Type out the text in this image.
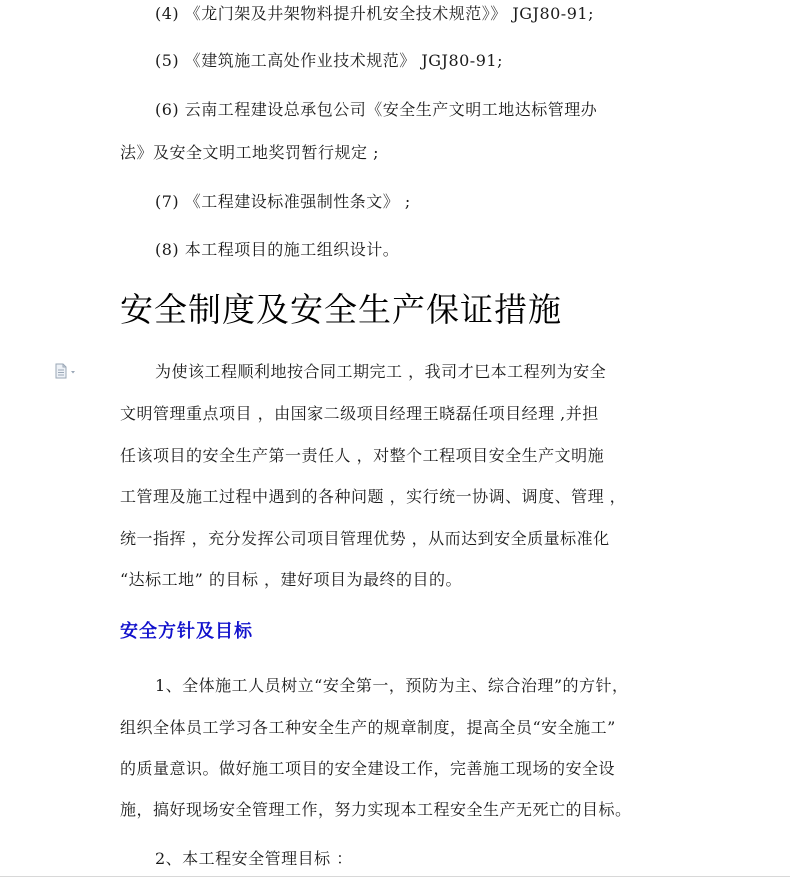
(4) 《龙门架及井架物料提升机安全技术规范》》 JGJ80-91;
(5) 《建筑施工高处作业技术规范》 JGJ80-91;
(6) 云南工程建设总承包公司《安全生产文明工地达标管理办
法》及安全文明工地奖罚暂行规定 ;
(7) 《工程建设标准强制性条文》 ;
(8) 本工程项目的施工组织设计。
安全制度及安全生产保证措施
为使该工程顺利地按合同工期完工 ，我司才巳本工程列为安全
文明管理重点项目 ，由国家二级项目经理王晓磊任项目经理 ,并担
任该项目的安全生产第一责任人 ，对整个工程项目安全生产文明施
工管理及施工过程中遇到的各种问题 ，实行统一协调、调度、管理 ，
统一指挥 ，充分发挥公司项目管理优势 ，从而达到安全质量标准化
“达标工地” 的目标 ，建好项目为最终的目的。
安全方针及目标
1、全体施工人员树立“安全第一，预防为主、综合治理”的方针，
组织全体员工学习各工种安全生产的规章制度，提高全员“安全施工”
的质量意识。做好施工项目的安全建设工作，完善施工现场的安全设
施，搞好现场安全管理工作，努力实现本工程安全生产无死亡的目标。
2、本工程安全管理目标 ：
